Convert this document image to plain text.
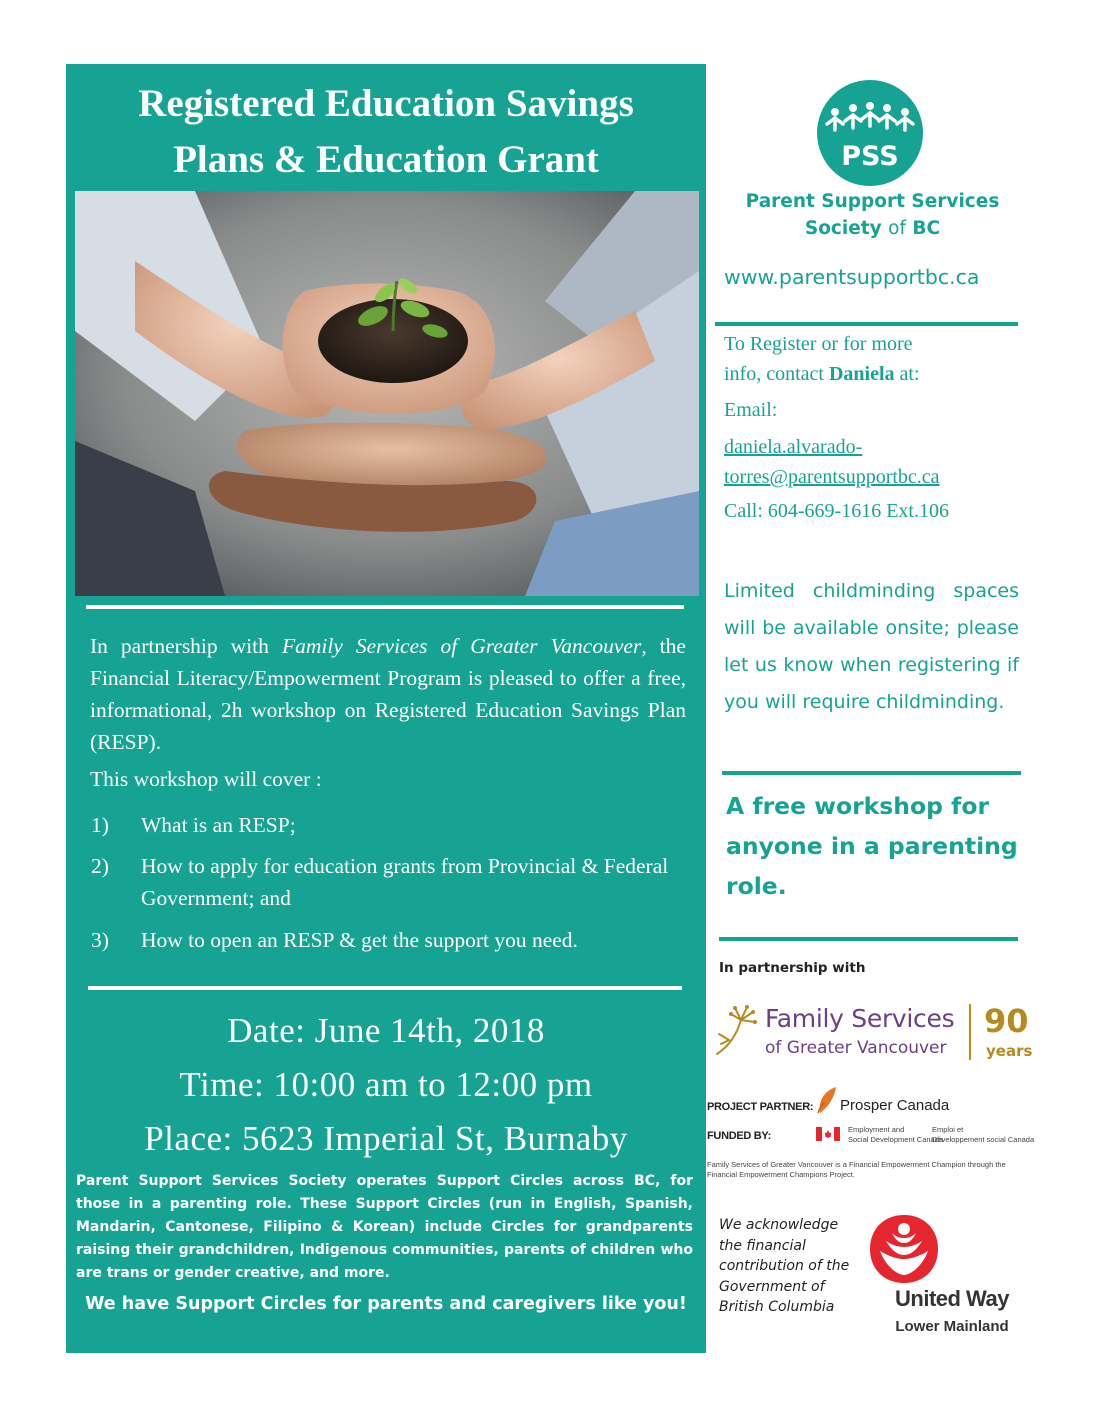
Registered Education Savings
Plans & Education Grant
In partnership with Family Services of Greater Vancouver, the Financial Literacy/Empowerment Program is pleased to offer a free, informational, 2h workshop on Registered Education Savings Plan (RESP).
This workshop will cover :
1) What is an RESP;
2) How to apply for education grants from Provincial & Federal Government; and
3) How to open an RESP & get the support you need.
Date: June 14th, 2018
Time: 10:00 am to 12:00 pm
Place: 5623 Imperial St, Burnaby
Parent Support Services Society operates Support Circles across BC, for those in a parenting role. These Support Circles (run in English, Spanish, Mandarin, Cantonese, Filipino & Korean) include Circles for grandparents raising their grandchildren, Indigenous communities, parents of children who are trans or gender creative, and more.
We have Support Circles for parents and caregivers like you!
PSS
Parent Support Services
Society of BC
www.parentsupportbc.ca
To Register or for more
info, contact Daniela at:
Email:
daniela.alvarado-
torres@parentsupportbc.ca
Call: 604-669-1616 Ext.106
Limited childminding spaces will be available onsite; please let us know when registering if you will require childminding.
A free workshop for anyone in a parenting role.
In partnership with
Family Services
of Greater Vancouver
90
years
PROJECT PARTNER: Prosper Canada
FUNDED BY:
Employment and
Social Development Canada
Emploi et
Développement social Canada
Family Services of Greater Vancouver is a Financial Empowerment Champion through the
Financial Empowerment Champions Project.
We acknowledge the financial contribution of the Government of British Columbia	United Way
Lower Mainland
